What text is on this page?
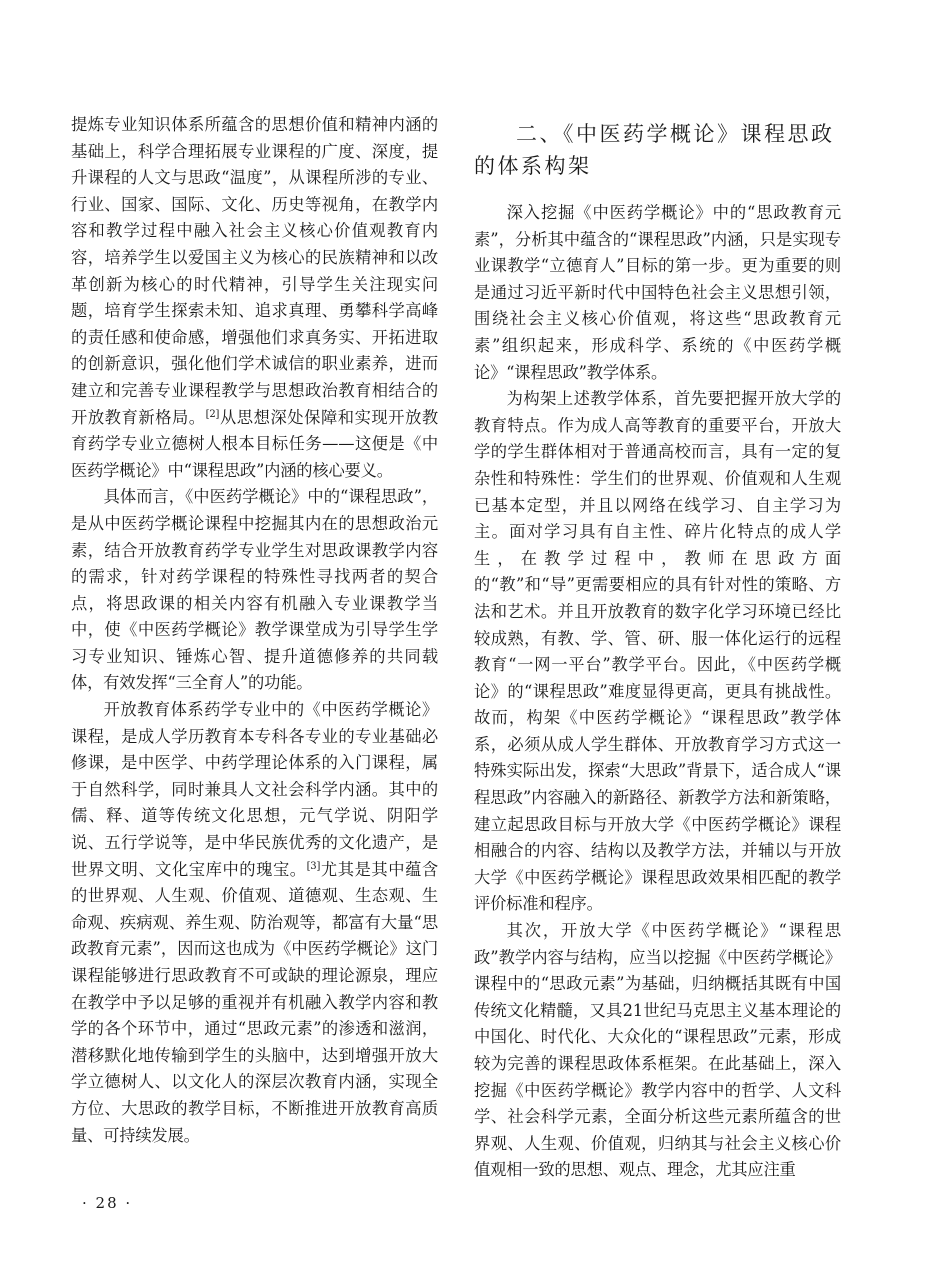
提炼专业知识体系所蕴含的思想价值和精神内涵的基础上，科学合理拓展专业课程的广度、深度，提升课程的人文与思政“温度”，从课程所涉的专业、行业、国家、国际、文化、历史等视角，在教学内容和教学过程中融入社会主义核心价值观教育内容，培养学生以爱国主义为核心的民族精神和以改革创新为核心的时代精神，引导学生关注现实问题，培育学生探索未知、追求真理、勇攀科学高峰的责任感和使命感，增强他们求真务实、开拓进取的创新意识，强化他们学术诚信的职业素养，进而建立和完善专业课程教学与思想政治教育相结合的开放教育新格局。[2]从思想深处保障和实现开放教育药学专业立德树人根本目标任务——这便是《中医药学概论》中“课程思政”内涵的核心要义。

具体而言，《中医药学概论》中的“课程思政”，是从中医药学概论课程中挖掘其内在的思想政治元素，结合开放教育药学专业学生对思政课教学内容的需求，针对药学课程的特殊性寻找两者的契合点，将思政课的相关内容有机融入专业课教学当中，使《中医药学概论》教学课堂成为引导学生学习专业知识、锤炼心智、提升道德修养的共同载体，有效发挥“三全育人”的功能。

开放教育体系药学专业中的《中医药学概论》课程，是成人学历教育本专科各专业的专业基础必修课，是中医学、中药学理论体系的入门课程，属于自然科学，同时兼具人文社会科学内涵。其中的儒、释、道等传统文化思想，元气学说、阴阳学说、五行学说等，是中华民族优秀的文化遗产，是世界文明、文化宝库中的瑰宝。[3]尤其是其中蕴含的世界观、人生观、价值观、道德观、生态观、生命观、疾病观、养生观、防治观等，都富有大量“思政教育元素”，因而这也成为《中医药学概论》这门课程能够进行思政教育不可或缺的理论源泉，理应在教学中予以足够的重视并有机融入教学内容和教学的各个环节中，通过“思政元素”的渗透和滋润，潜移默化地传输到学生的头脑中，达到增强开放大学立德树人、以文化人的深层次教育内涵，实现全方位、大思政的教学目标，不断推进开放教育高质量、可持续发展。

二、《中医药学概论》课程思政的体系构架

深入挖掘《中医药学概论》中的“思政教育元素”，分析其中蕴含的“课程思政”内涵，只是实现专业课教学“立德育人”目标的第一步。更为重要的则是通过习近平新时代中国特色社会主义思想引领，围绕社会主义核心价值观，将这些“思政教育元素”组织起来，形成科学、系统的《中医药学概论》“课程思政”教学体系。

为构架上述教学体系，首先要把握开放大学的教育特点。作为成人高等教育的重要平台，开放大学的学生群体相对于普通高校而言，具有一定的复杂性和特殊性：学生们的世界观、价值观和人生观已基本定型，并且以网络在线学习、自主学习为主。面对学习具有自主性、碎片化特点的成人学生，在教学过程中，教师在思政方面的“教”和“导”更需要相应的具有针对性的策略、方法和艺术。并且开放教育的数字化学习环境已经比较成熟，有教、学、管、研、服一体化运行的远程教育“一网一平台”教学平台。因此，《中医药学概论》的“课程思政”难度显得更高，更具有挑战性。故而，构架《中医药学概论》“课程思政”教学体系，必须从成人学生群体、开放教育学习方式这一特殊实际出发，探索“大思政”背景下，适合成人“课程思政”内容融入的新路径、新教学方法和新策略，建立起思政目标与开放大学《中医药学概论》课程相融合的内容、结构以及教学方法，并辅以与开放大学《中医药学概论》课程思政效果相匹配的教学评价标准和程序。

其次，开放大学《中医药学概论》“课程思政”教学内容与结构，应当以挖掘《中医药学概论》课程中的“思政元素”为基础，归纳概括其既有中国传统文化精髓，又具21世纪马克思主义基本理论的中国化、时代化、大众化的“课程思政”元素，形成较为完善的课程思政体系框架。在此基础上，深入挖掘《中医药学概论》教学内容中的哲学、人文科学、社会科学元素，全面分析这些元素所蕴含的世界观、人生观、价值观，归纳其与社会主义核心价值观相一致的思想、观点、理念，尤其应注重

· 28 ·
